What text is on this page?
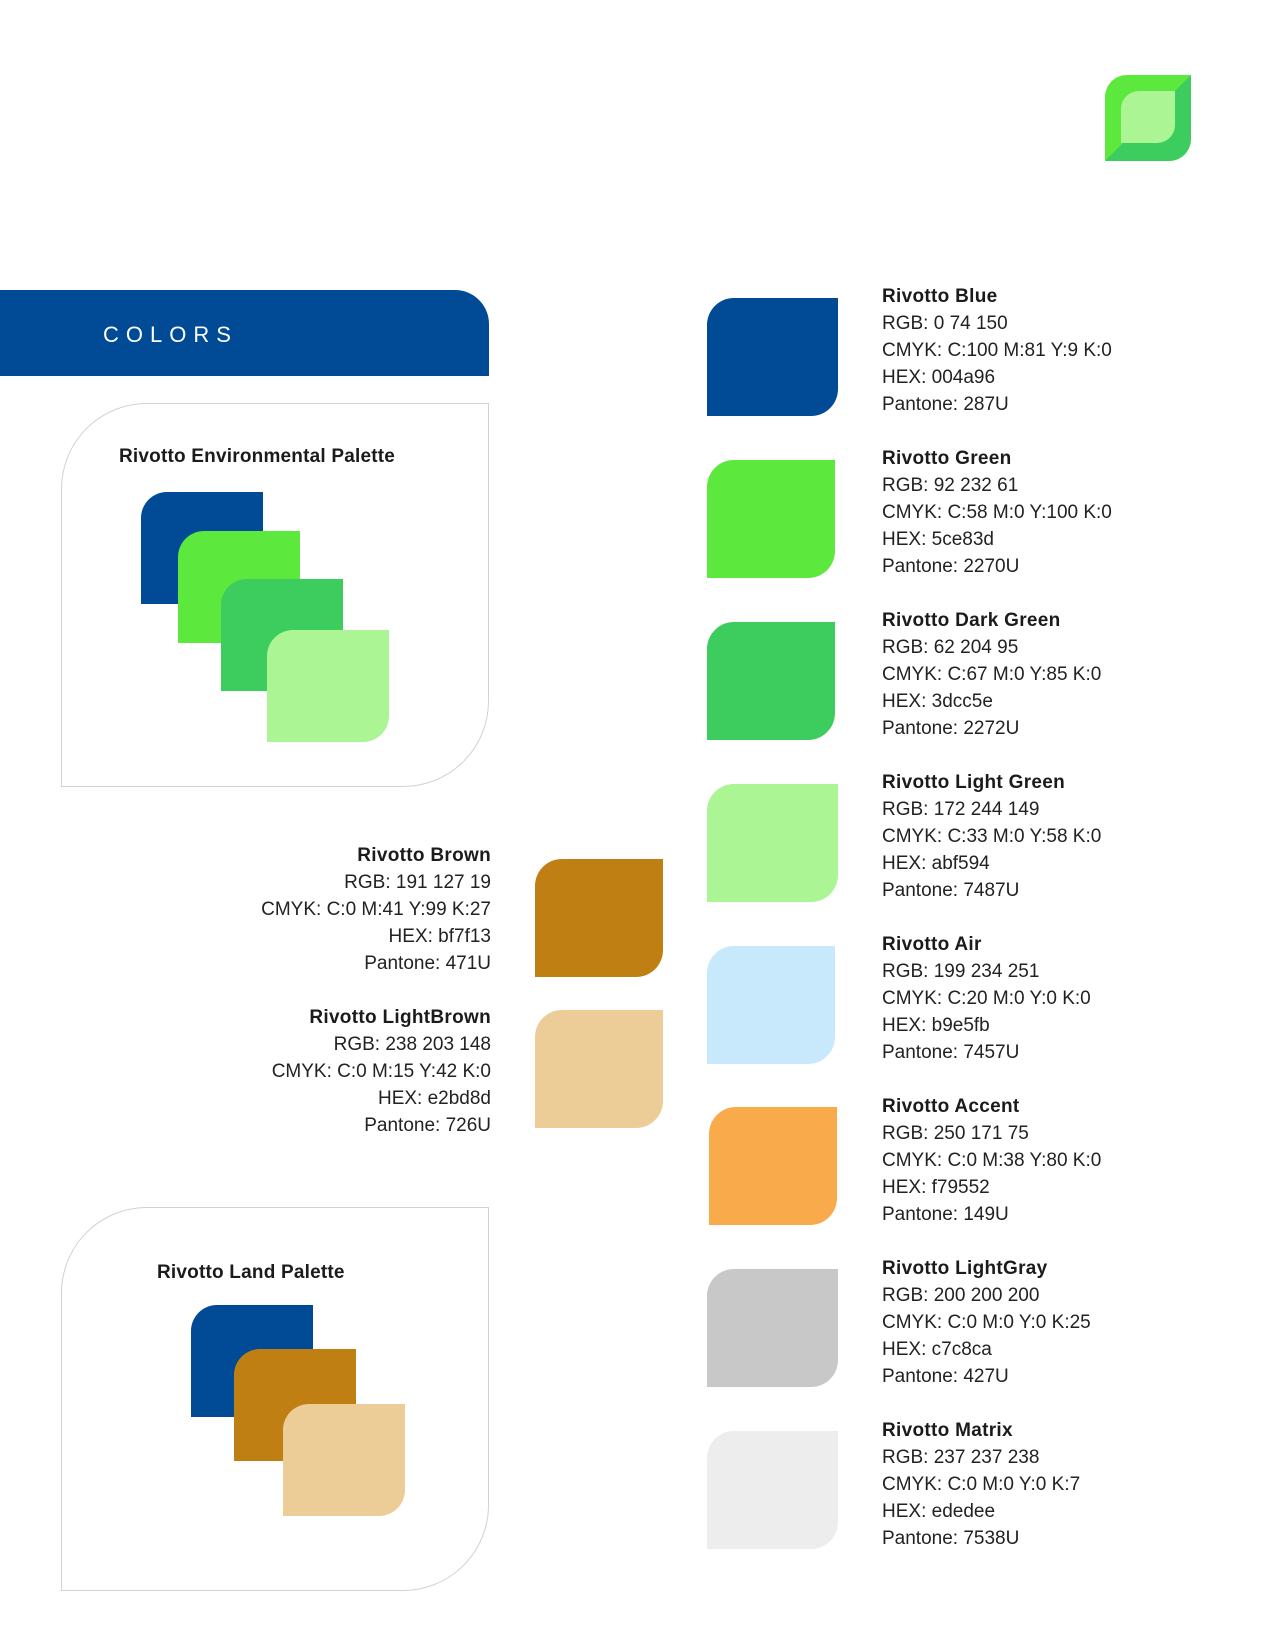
COLORS
Rivotto Environmental Palette
Rivotto Land Palette
Rivotto Brown
RGB: 191 127 19
CMYK: C:0 M:41 Y:99 K:27
HEX: bf7f13
Pantone: 471U
Rivotto LightBrown
RGB: 238 203 148
CMYK: C:0 M:15 Y:42 K:0
HEX: e2bd8d
Pantone: 726U
Rivotto Blue
RGB: 0 74 150
CMYK: C:100 M:81 Y:9 K:0
HEX: 004a96
Pantone: 287U
Rivotto Green
RGB: 92 232 61
CMYK: C:58 M:0 Y:100 K:0
HEX: 5ce83d
Pantone: 2270U
Rivotto Dark Green
RGB: 62 204 95
CMYK: C:67 M:0 Y:85 K:0
HEX: 3dcc5e
Pantone: 2272U
Rivotto Light Green
RGB: 172 244 149
CMYK: C:33 M:0 Y:58 K:0
HEX: abf594
Pantone: 7487U
Rivotto Air
RGB: 199 234 251
CMYK: C:20 M:0 Y:0 K:0
HEX: b9e5fb
Pantone: 7457U
Rivotto Accent
RGB: 250 171 75
CMYK: C:0 M:38 Y:80 K:0
HEX: f79552
Pantone: 149U
Rivotto LightGray
RGB: 200 200 200
CMYK: C:0 M:0 Y:0 K:25
HEX: c7c8ca
Pantone: 427U
Rivotto Matrix
RGB: 237 237 238
CMYK: C:0 M:0 Y:0 K:7
HEX: ededee
Pantone: 7538U
